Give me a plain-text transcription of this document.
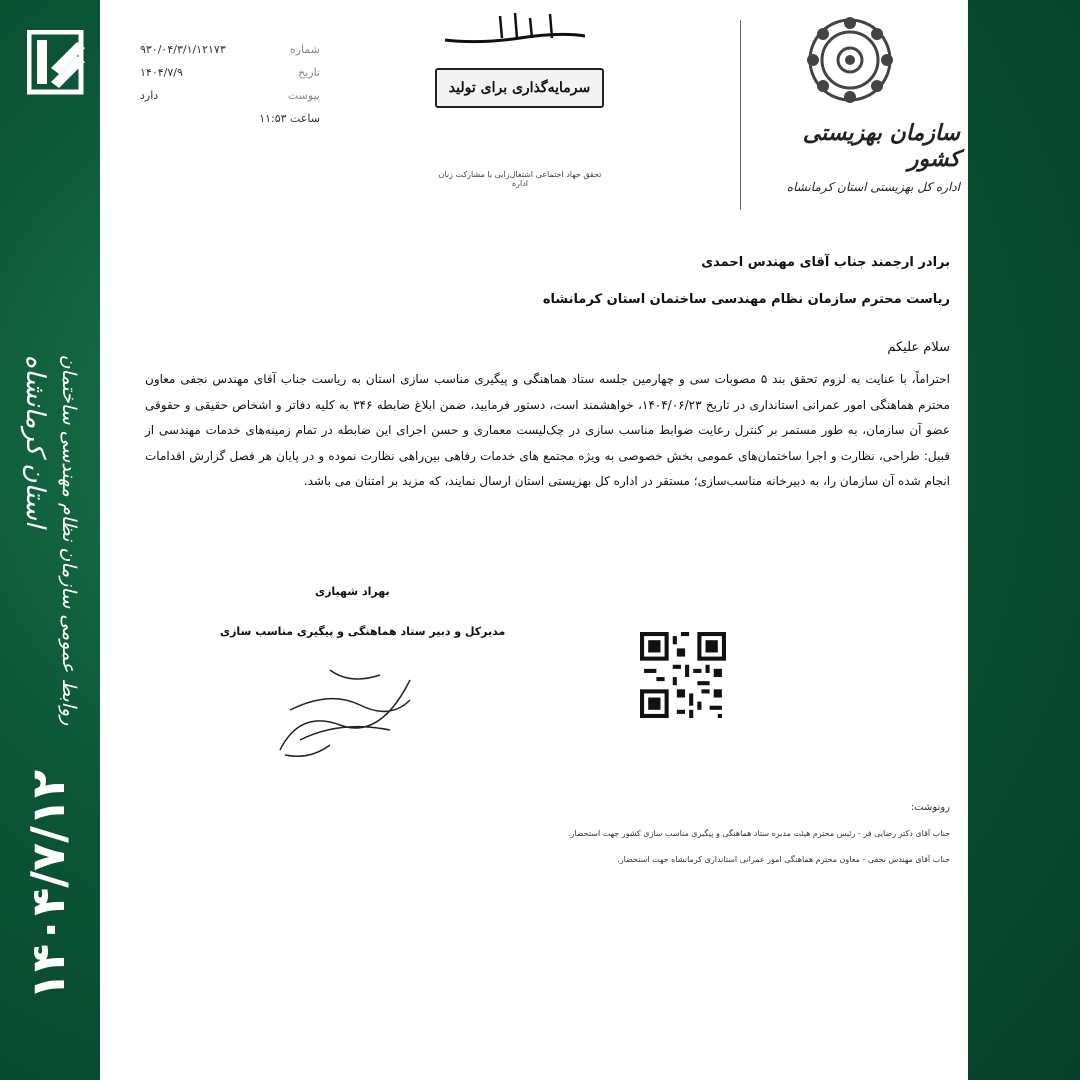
روابط عمومی سازمان نظام مهندسی ساختمان
استان کرمانشاه
۱۴۰۴/۷/۱۲
شماره
۹۳۰/۰۴/۳/۱/۱۲۱۷۳
تاریخ
۱۴۰۴/۷/۹
پیوست
دارد
ساعت ۱۱:۵۳
سرمایه‌گذاری برای تولید
تحقق جهاد اجتماعی اشتغال‌زایی با مشارکت زنان اداره
سازمان بهزیستی کشور
اداره کل بهزیستی استان کرمانشاه
برادر ارجمند جناب آقای مهندس احمدی
ریاست محترم سازمان نظام مهندسی ساختمان استان کرمانشاه
سلام علیکم
احتراماً، با عنایت به لزوم تحقق بند ۵ مصوبات سی و چهارمین جلسه ستاد هماهنگی و پیگیری مناسب سازی استان به ریاست جناب آقای مهندس نجفی معاون محترم هماهنگی امور عمرانی استانداری در تاریخ ۱۴۰۴/۰۶/۲۳، خواهشمند است، دستور فرمایید، ضمن ابلاغ ضابطه ۳۴۶ به کلیه دفاتر و اشخاص حقیقی و حقوقی عضو آن سازمان، به طور مستمر بر کنترل رعایت ضوابط مناسب سازی در چک‌لیست معماری و حسن اجرای این ضابطه در تمام زمینه‌های خدمات مهندسی از قبیل: طراحی، نظارت و اجرا ساختمان‌های عمومی بخش خصوصی به ویژه مجتمع های خدمات رفاهی بین‌راهی نظارت نموده و در پایان هر فصل گزارش اقدامات انجام شده آن سازمان را، به دبیرخانه مناسب‌سازی؛ مستقر در اداره کل بهزیستی استان ارسال نمایند، که مزید بر امتنان می باشد.
بهراد شهبازی
مدیرکل و دبیر ستاد هماهنگی و پیگیری مناسب سازی
رونوشت:
جناب آقای دکتر رضایی فر - رئیس محترم هیئت مدیره ستاد هماهنگی و پیگیری مناسب سازی کشور جهت استحضار.
جناب آقای مهندس نجفی - معاون محترم هماهنگی امور عمرانی استانداری کرمانشاه جهت استحضار.
